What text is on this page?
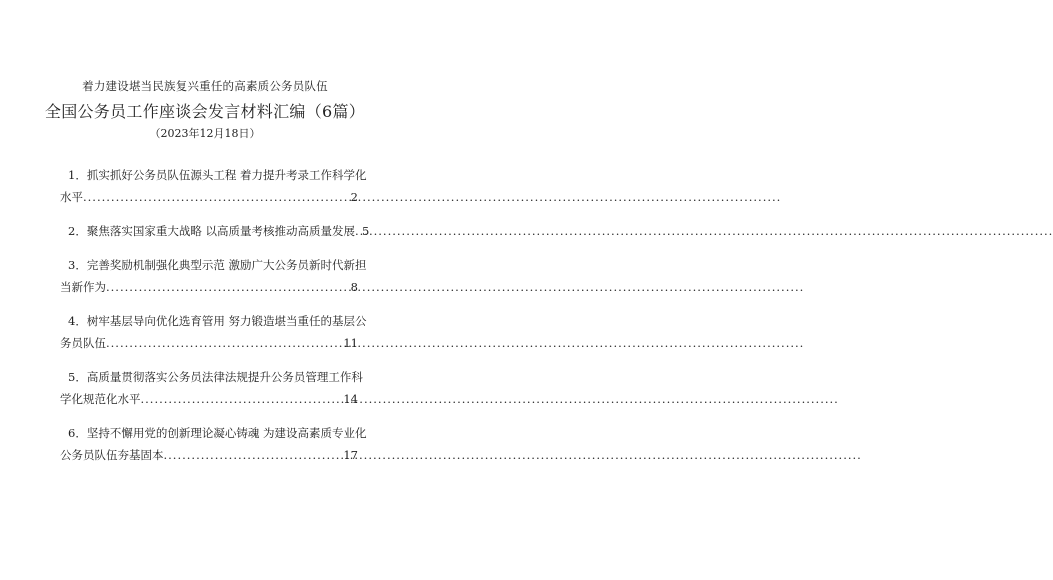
着力建设堪当民族复兴重任的高素质公务员队伍
全国公务员工作座谈会发言材料汇编（6篇）
（2023年12月18日）
1．抓实抓好公务员队伍源头工程 着力提升考录工作科学化
水平 .....	2
2．聚焦落实国家重大战略 以高质量考核推动高质量发展 ..... 5
3．完善奖励机制强化典型示范 激励广大公务员新时代新担
当新作为 .....	8
4．树牢基层导向优化选育管用 努力锻造堪当重任的基层公
务员队伍 .....	11
5．高质量贯彻落实公务员法律法规提升公务员管理工作科
学化规范化水平 .....	14
6．坚持不懈用党的创新理论凝心铸魂 为建设高素质专业化
公务员队伍夯基固本 .....	17
